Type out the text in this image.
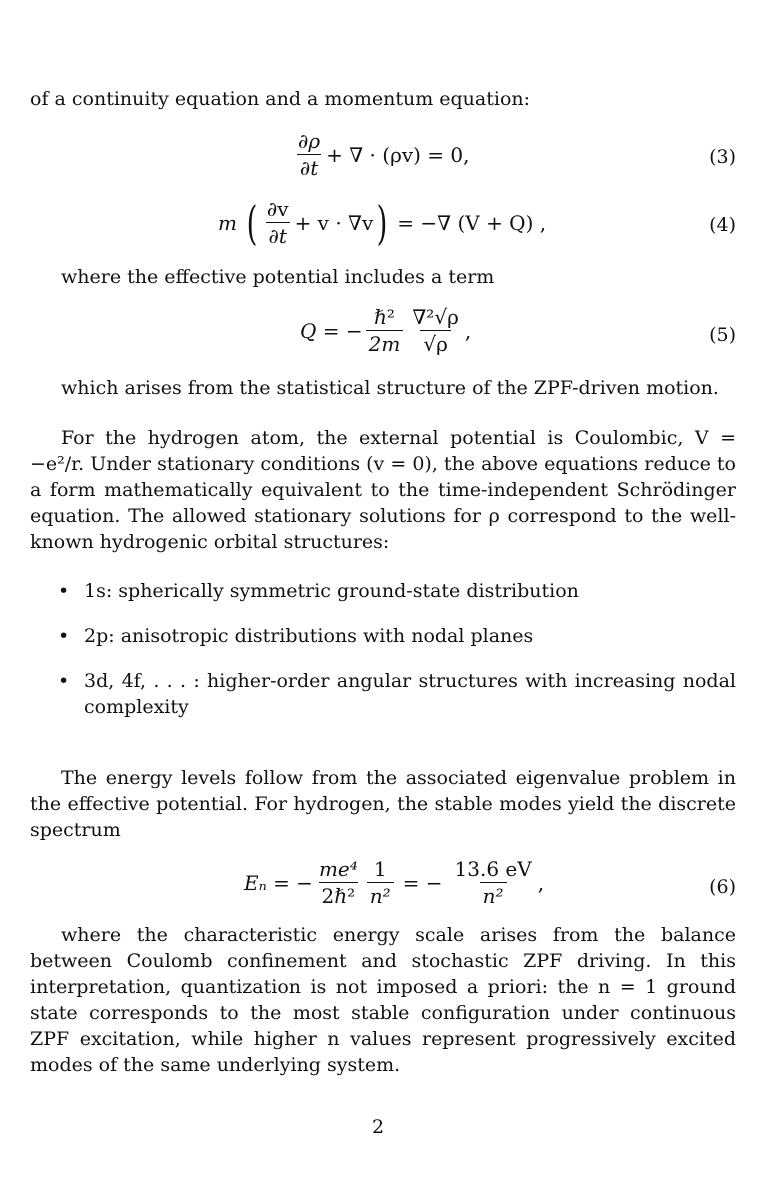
of a continuity equation and a momentum equation:

$\frac{\partial\rho}{\partial t}$ + ∇ · (ρv) = 0,	(3)
m ( $\frac{\partial v}{\partial t} + v \cdot \nabla v$ ) = −∇ (V + Q) ,	(4)

where the effective potential includes a term

Q = − $\frac{\text{ℏ²}}{2m} \frac{\text{∇²√ρ}}{√\rho}$ ,	(5)

which arises from the statistical structure of the ZPF-driven motion.

For the hydrogen atom, the external potential is Coulombic, V = −e²/r. Under stationary conditions (v = 0), the above equations reduce to a form mathematically equivalent to the time-independent Schrödinger equation. The allowed stationary solutions for ρ correspond to the well-known hydrogenic orbital structures:

• 1s: spherically symmetric ground-state distribution
• 2p: anisotropic distributions with nodal planes
• 3d, 4f, . . . : higher-order angular structures with increasing nodal complexity

The energy levels follow from the associated eigenvalue problem in the effective potential. For hydrogen, the stable modes yield the discrete spectrum

Eₙ = − $\frac{\text{me⁴}}{\text{2ℏ²}} \frac{1}{\text{n²}}$ = − $\frac{13.6 eV}{\text{n²}}$ ,	(6)

where the characteristic energy scale arises from the balance between Coulomb confinement and stochastic ZPF driving. In this interpretation, quantization is not imposed a priori: the n = 1 ground state corresponds to the most stable configuration under continuous ZPF excitation, while higher n values represent progressively excited modes of the same underlying system.

2
